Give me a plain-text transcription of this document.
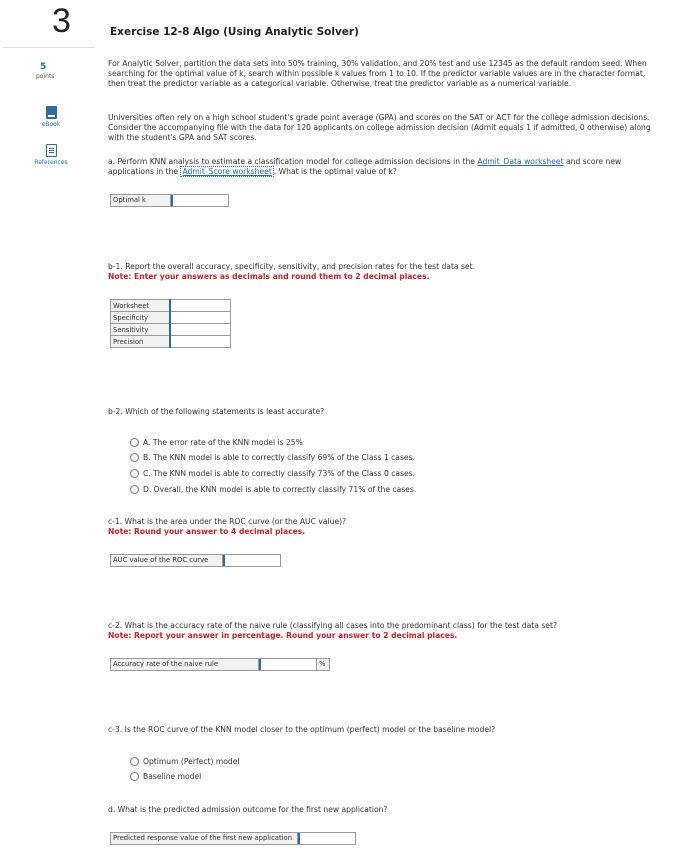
3
5
points
eBook
References
Exercise 12-8 Algo (Using Analytic Solver)
For Analytic Solver, partition the data sets into 50% training, 30% validation, and 20% test and use 12345 as the default random seed. When searching for the optimal value of k, search within possible k values from 1 to 10. If the predictor variable values are in the character format, then treat the predictor variable as a categorical variable. Otherwise, treat the predictor variable as a numerical variable.
Universities often rely on a high school student's grade point average (GPA) and scores on the SAT or ACT for the college admission decisions. Consider the accompanying file with the data for 120 applicants on college admission decision (Admit equals 1 if admitted, 0 otherwise) along with the student's GPA and SAT scores.
a. Perform KNN analysis to estimate a classification model for college admission decisions in the Admit_Data worksheet and score new applications in the Admit_Score worksheet . What is the optimal value of k?
Optimal k
b-1. Report the overall accuracy, specificity, sensitivity, and precision rates for the test data set.
Note: Enter your answers as decimals and round them to 2 decimal places.
Worksheet	
Specificity	
Sensitivity	
Precision	
b-2. Which of the following statements is least accurate?
A. The error rate of the KNN model is 25%
B. The KNN model is able to correctly classify 69% of the Class 1 cases.
C. The KNN model is able to correctly classify 73% of the Class 0 cases.
D. Overall, the KNN model is able to correctly classify 71% of the cases.
c-1. What is the area under the ROC curve (or the AUC value)?
Note: Round your answer to 4 decimal places.
AUC value of the ROC curve
c-2. What is the accuracy rate of the naive rule (classifying all cases into the predominant class) for the test data set?
Note: Report your answer in percentage. Round your answer to 2 decimal places.
Accuracy rate of the naive rule	%
c-3. Is the ROC curve of the KNN model closer to the optimum (perfect) model or the baseline model?
Optimum (Perfect) model
Baseline model
d. What is the predicted admission outcome for the first new application?
Predicted response value of the first new application
